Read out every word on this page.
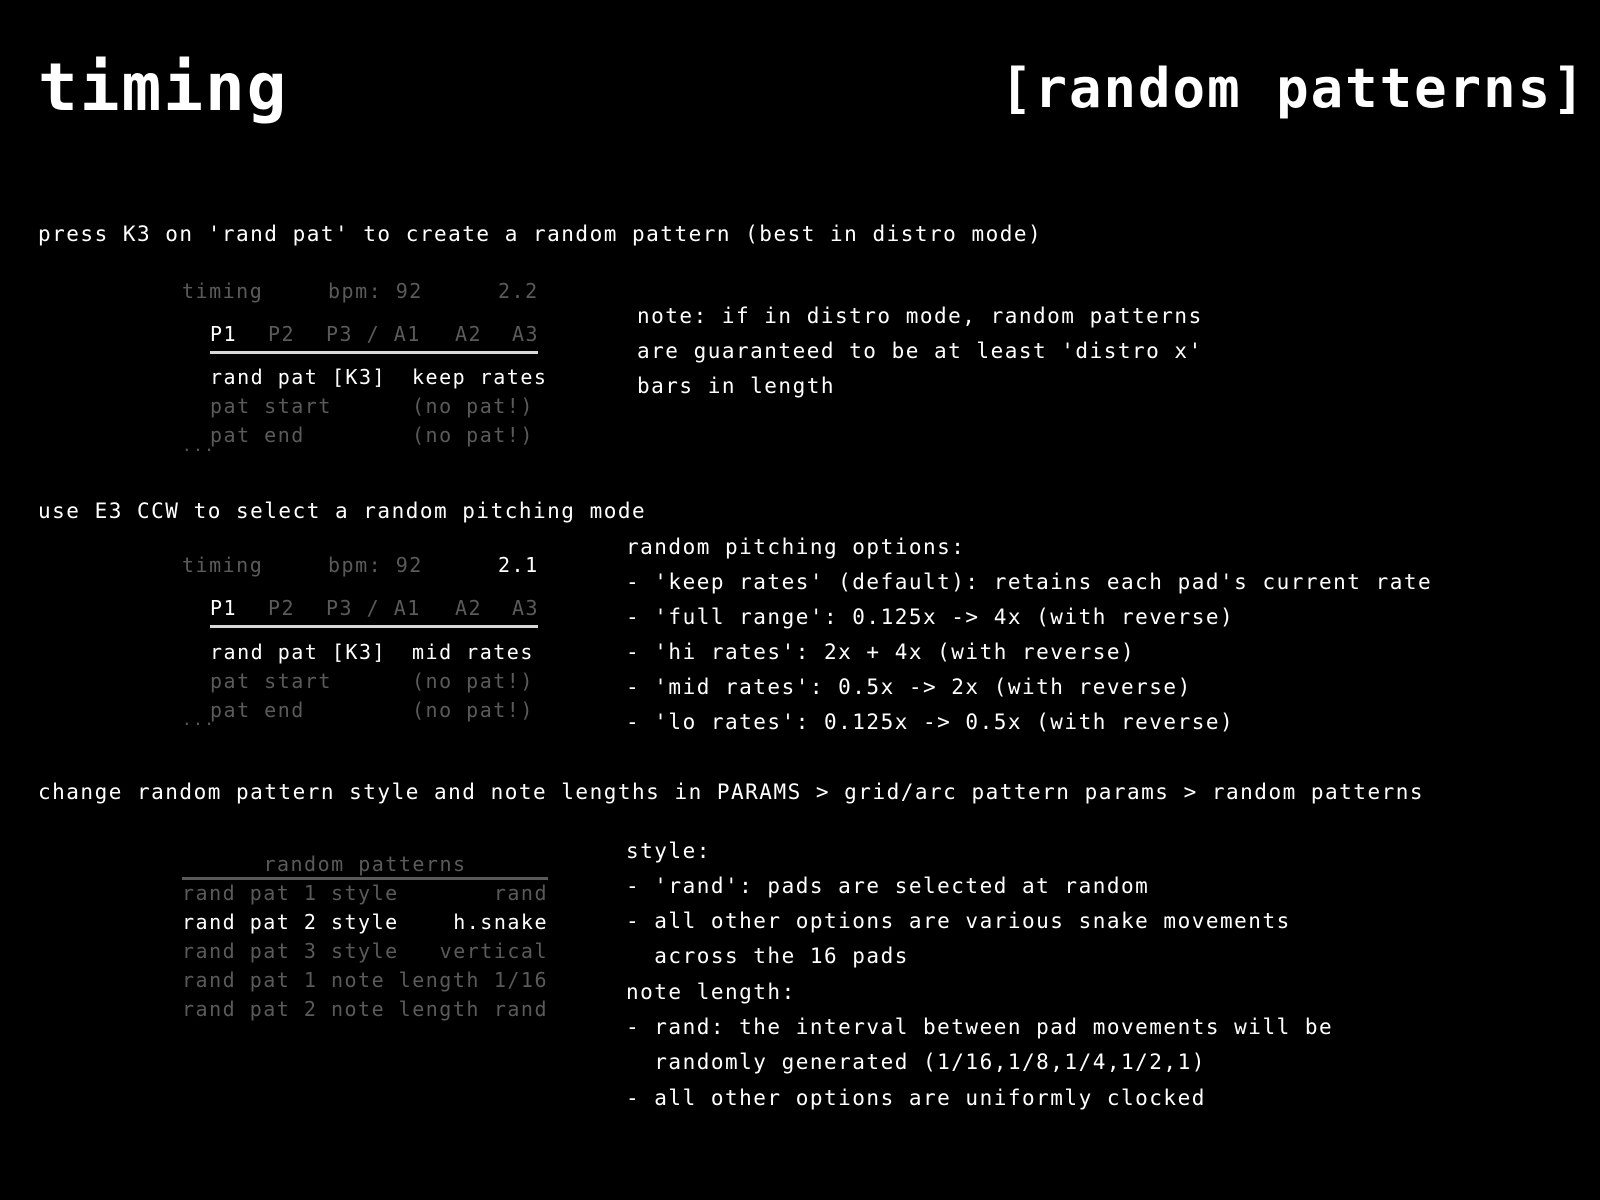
timing	[random patterns]
press K3 on 'rand pat' to create a random pattern (best in distro mode)
timing	bpm: 92	2.2
P1 P2 P3 / A1 A2 A3
rand pat [K3] keep rates
pat start	(no pat!)
pat end	(no pat!)
...
note: if in distro mode, random patterns
are guaranteed to be at least 'distro x'
bars in length
use E3 CCW to select a random pitching mode
timing	bpm: 92	2.1
P1 P2 P3 / A1 A2 A3
rand pat [K3] mid rates
pat start	(no pat!)
pat end	(no pat!)
...
random pitching options:
- 'keep rates' (default): retains each pad's current rate
- 'full range': 0.125x -> 4x (with reverse)
- 'hi rates': 2x + 4x (with reverse)
- 'mid rates': 0.5x -> 2x (with reverse)
- 'lo rates': 0.125x -> 0.5x (with reverse)
change random pattern style and note lengths in PARAMS > grid/arc pattern params > random patterns
random patterns
rand pat 1 style	rand
rand pat 2 style	h.snake
rand pat 3 style	vertical
rand pat 1 note length 1/16
rand pat 2 note length rand
style:
- 'rand': pads are selected at random
- all other options are various snake movements
across the 16 pads
note length:
- rand: the interval between pad movements will be
randomly generated (1/16,1/8,1/4,1/2,1)
- all other options are uniformly clocked
